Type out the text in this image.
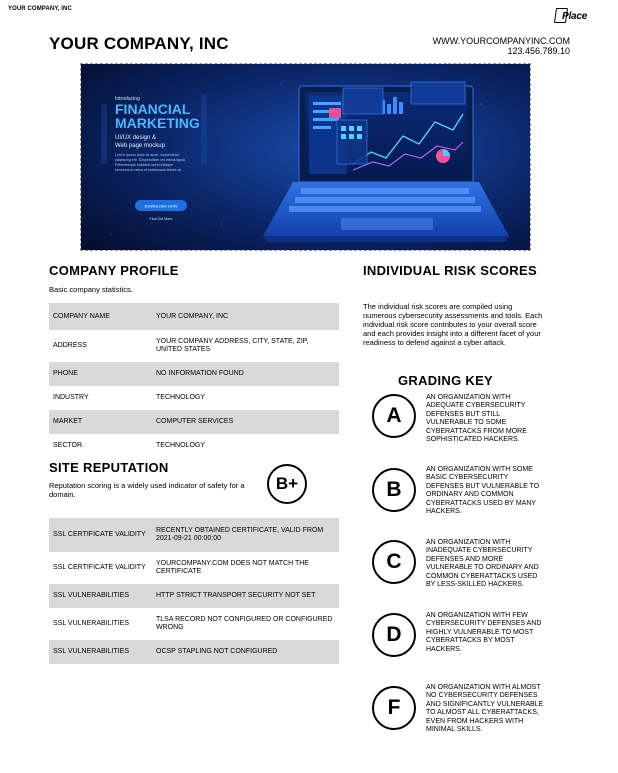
YOUR COMPANY, INC
Place
YOUR COMPANY, INC	WWW.YOURCOMPANYINC.COM
123.456.789.10
Introducing
FINANCIAL
MARKETING
UI/UX design &
Web page mockup
Lorem ipsum dolor sit amet, consectetur
adipiscing elit. Suspendisse vel metus ligula.
Pellentesque habitant morbi tristique
senectus et netus et malesuada fames ac
DOWNLOAD NOW
Find Out More
COMPANY PROFILE
Basic company statistics.
COMPANY NAME	YOUR COMPANY, INC
ADDRESS	YOUR COMPANY ADDRESS, CITY, STATE, ZIP, UNITED STATES
PHONE	NO INFORMATION FOUND
INDUSTRY	TECHNOLOGY
MARKET	COMPUTER SERVICES
SECTOR	TECHNOLOGY
SITE REPUTATION
Reputation scoring is a widely used indicator of safety for a domain.
B+
SSL CERTIFICATE VALIDITY	RECENTLY OBTAINED CERTIFICATE, VALID FROM 2021-09-21 00:00:00
SSL CERTIFICATE VALIDITY	YOURCOMPANY.COM DOES NOT MATCH THE CERTIFICATE
SSL VULNERABILITIES	HTTP STRICT TRANSPORT SECURITY NOT SET
SSL VULNERABILITIES	TLSA RECORD NOT CONFIGURED OR CONFIGURED WRONG
SSL VULNERABILITIES	OCSP STAPLING NOT CONFIGURED
INDIVIDUAL RISK SCORES
The individual risk scores are compiled using numerous cybersecurity assessments and tools. Each individual risk score contributes to your overall score and each provides insight into a different facet of your readiness to defend against a cyber attack.
GRADING KEY
A
AN ORGANIZATION WITH ADEQUATE CYBERSECURITY DEFENSES BUT STILL VULNERABLE TO SOME CYBERATTACKS FROM MORE SOPHISTICATED HACKERS.
B
AN ORGANIZATION WITH SOME BASIC CYBERSECURITY DEFENSES BUT VULNERABLE TO ORDINARY AND COMMON CYBERATTACKS USED BY MANY HACKERS.
C
AN ORGANIZATION WITH INADEQUATE CYBERSECURITY DEFENSES AND MORE VULNERABLE TO ORDINARY AND COMMON CYBERATTACKS USED BY LESS-SKILLED HACKERS.
D
AN ORGANIZATION WITH FEW CYBERSECURITY DEFENSES AND HIGHLY VULNERABLE TO MOST CYBERATTACKS BY MOST HACKERS.
F
AN ORGANIZATION WITH ALMOST NO CYBERSECURITY DEFENSES AND SIGNIFICANTLY VULNERABLE TO ALMOST ALL CYBERATTACKS, EVEN FROM HACKERS WITH MINIMAL SKILLS.
